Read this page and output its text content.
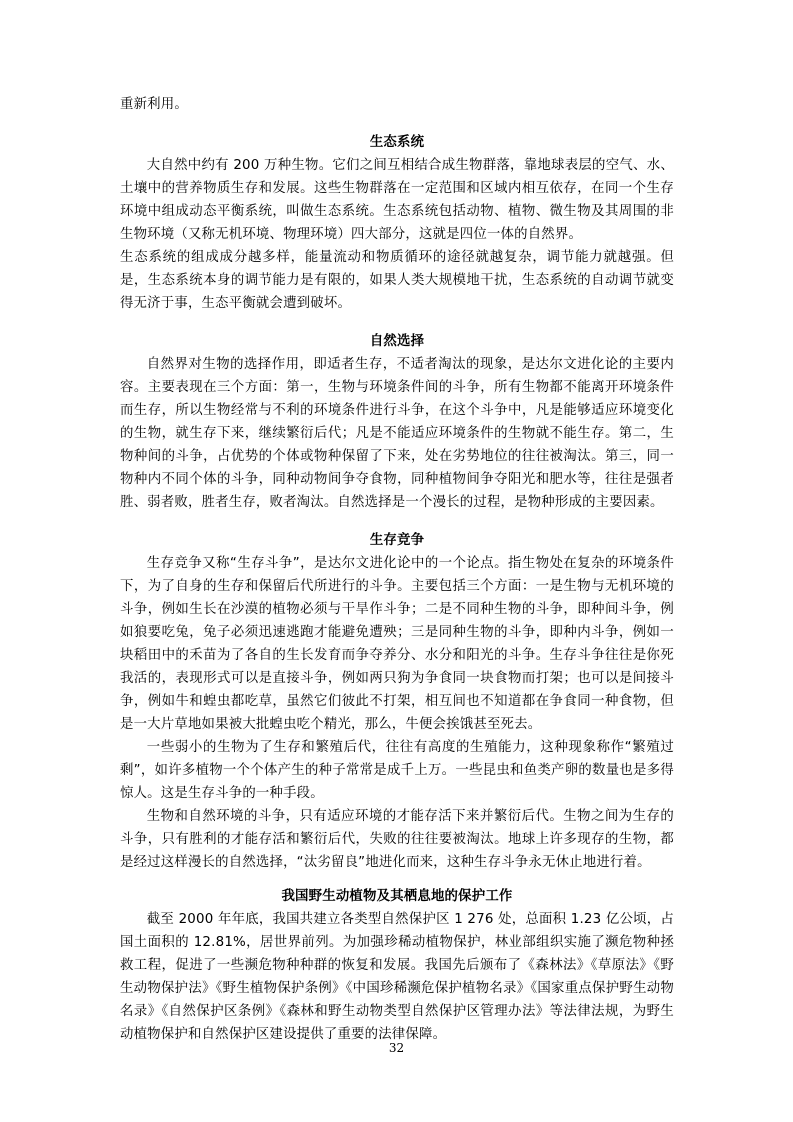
重新利用。

生态系统

大自然中约有 200 万种生物。它们之间互相结合成生物群落，靠地球表层的空气、水、土壤中的营养物质生存和发展。这些生物群落在一定范围和区域内相互依存，在同一个生存环境中组成动态平衡系统，叫做生态系统。生态系统包括动物、植物、微生物及其周围的非生物环境（又称无机环境、物理环境）四大部分，这就是四位一体的自然界。

生态系统的组成成分越多样，能量流动和物质循环的途径就越复杂，调节能力就越强。但是，生态系统本身的调节能力是有限的，如果人类大规模地干扰，生态系统的自动调节就变得无济于事，生态平衡就会遭到破坏。

自然选择

自然界对生物的选择作用，即适者生存，不适者淘汰的现象，是达尔文进化论的主要内容。主要表现在三个方面：第一，生物与环境条件间的斗争，所有生物都不能离开环境条件而生存，所以生物经常与不利的环境条件进行斗争，在这个斗争中，凡是能够适应环境变化的生物，就生存下来，继续繁衍后代；凡是不能适应环境条件的生物就不能生存。第二，生物种间的斗争，占优势的个体或物种保留了下来，处在劣势地位的往往被淘汰。第三，同一物种内不同个体的斗争，同种动物间争夺食物，同种植物间争夺阳光和肥水等，往往是强者胜、弱者败，胜者生存，败者淘汰。自然选择是一个漫长的过程，是物种形成的主要因素。

生存竞争

生存竞争又称“生存斗争”，是达尔文进化论中的一个论点。指生物处在复杂的环境条件下，为了自身的生存和保留后代所进行的斗争。主要包括三个方面：一是生物与无机环境的斗争，例如生长在沙漠的植物必须与干旱作斗争；二是不同种生物的斗争，即种间斗争，例如狼要吃兔，兔子必须迅速逃跑才能避免遭殃；三是同种生物的斗争，即种内斗争，例如一块稻田中的禾苗为了各自的生长发育而争夺养分、水分和阳光的斗争。生存斗争往往是你死我活的，表现形式可以是直接斗争，例如两只狗为争食同一块食物而打架；也可以是间接斗争，例如牛和蝗虫都吃草，虽然它们彼此不打架，相互间也不知道都在争食同一种食物，但是一大片草地如果被大批蝗虫吃个精光，那么，牛便会挨饿甚至死去。

一些弱小的生物为了生存和繁殖后代，往往有高度的生殖能力，这种现象称作“繁殖过剩”，如许多植物一个个体产生的种子常常是成千上万。一些昆虫和鱼类产卵的数量也是多得惊人。这是生存斗争的一种手段。

生物和自然环境的斗争，只有适应环境的才能存活下来并繁衍后代。生物之间为生存的斗争，只有胜利的才能存活和繁衍后代，失败的往往要被淘汰。地球上许多现存的生物，都是经过这样漫长的自然选择，“汰劣留良”地进化而来，这种生存斗争永无休止地进行着。

我国野生动植物及其栖息地的保护工作

截至 2000 年年底，我国共建立各类型自然保护区 1 276 处，总面积 1.23 亿公顷，占国土面积的 12.81%，居世界前列。为加强珍稀动植物保护，林业部组织实施了濒危物种拯救工程，促进了一些濒危物种种群的恢复和发展。我国先后颁布了《森林法》《草原法》《野生动物保护法》《野生植物保护条例》《中国珍稀濒危保护植物名录》《国家重点保护野生动物名录》《自然保护区条例》《森林和野生动物类型自然保护区管理办法》等法律法规，为野生动植物保护和自然保护区建设提供了重要的法律保障。

32
